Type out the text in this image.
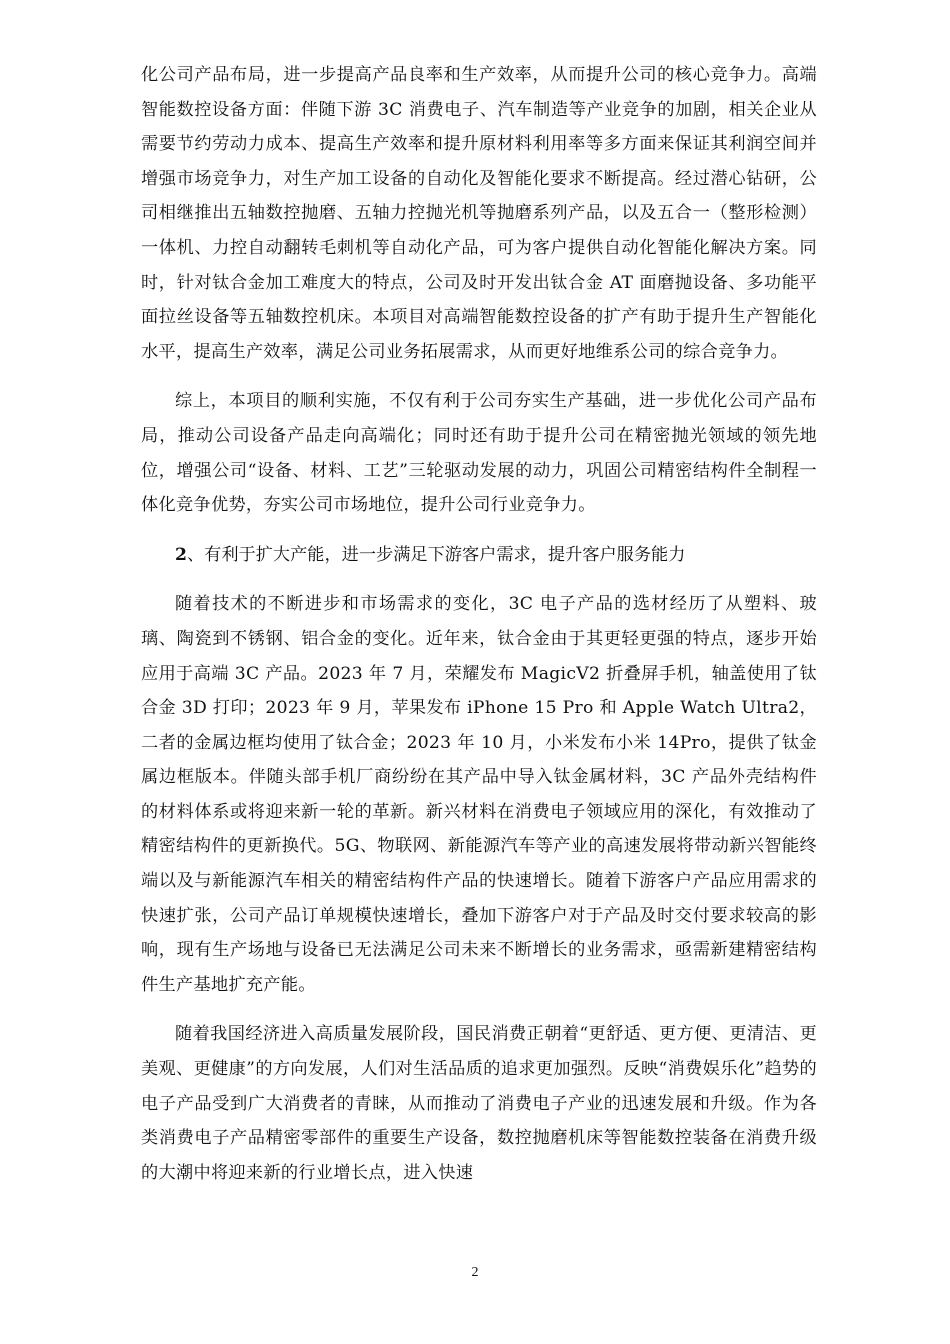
化公司产品布局，进一步提高产品良率和生产效率，从而提升公司的核心竞争力。高端智能数控设备方面：伴随下游 3C 消费电子、汽车制造等产业竞争的加剧，相关企业从需要节约劳动力成本、提高生产效率和提升原材料利用率等多方面来保证其利润空间并增强市场竞争力，对生产加工设备的自动化及智能化要求不断提高。经过潜心钻研，公司相继推出五轴数控抛磨、五轴力控抛光机等抛磨系列产品，以及五合一（整形检测）一体机、力控自动翻转毛刺机等自动化产品，可为客户提供自动化智能化解决方案。同时，针对钛合金加工难度大的特点，公司及时开发出钛合金 AT 面磨抛设备、多功能平面拉丝设备等五轴数控机床。本项目对高端智能数控设备的扩产有助于提升生产智能化水平，提高生产效率，满足公司业务拓展需求，从而更好地维系公司的综合竞争力。

综上，本项目的顺利实施，不仅有利于公司夯实生产基础，进一步优化公司产品布局，推动公司设备产品走向高端化；同时还有助于提升公司在精密抛光领域的领先地位，增强公司“设备、材料、工艺”三轮驱动发展的动力，巩固公司精密结构件全制程一体化竞争优势，夯实公司市场地位，提升公司行业竞争力。

2、有利于扩大产能，进一步满足下游客户需求，提升客户服务能力

随着技术的不断进步和市场需求的变化，3C 电子产品的选材经历了从塑料、玻璃、陶瓷到不锈钢、铝合金的变化。近年来，钛合金由于其更轻更强的特点，逐步开始应用于高端 3C 产品。2023 年 7 月，荣耀发布 MagicV2 折叠屏手机，轴盖使用了钛合金 3D 打印；2023 年 9 月，苹果发布 iPhone 15 Pro 和 Apple Watch Ultra2，二者的金属边框均使用了钛合金；2023 年 10 月，小米发布小米 14Pro，提供了钛金属边框版本。伴随头部手机厂商纷纷在其产品中导入钛金属材料，3C 产品外壳结构件的材料体系或将迎来新一轮的革新。新兴材料在消费电子领域应用的深化，有效推动了精密结构件的更新换代。5G、物联网、新能源汽车等产业的高速发展将带动新兴智能终端以及与新能源汽车相关的精密结构件产品的快速增长。随着下游客户产品应用需求的快速扩张，公司产品订单规模快速增长，叠加下游客户对于产品及时交付要求较高的影响，现有生产场地与设备已无法满足公司未来不断增长的业务需求，亟需新建精密结构件生产基地扩充产能。

随着我国经济进入高质量发展阶段，国民消费正朝着“更舒适、更方便、更清洁、更美观、更健康”的方向发展，人们对生活品质的追求更加强烈。反映“消费娱乐化”趋势的电子产品受到广大消费者的青睐，从而推动了消费电子产业的迅速发展和升级。作为各类消费电子产品精密零部件的重要生产设备，数控抛磨机床等智能数控装备在消费升级的大潮中将迎来新的行业增长点，进入快速

2
